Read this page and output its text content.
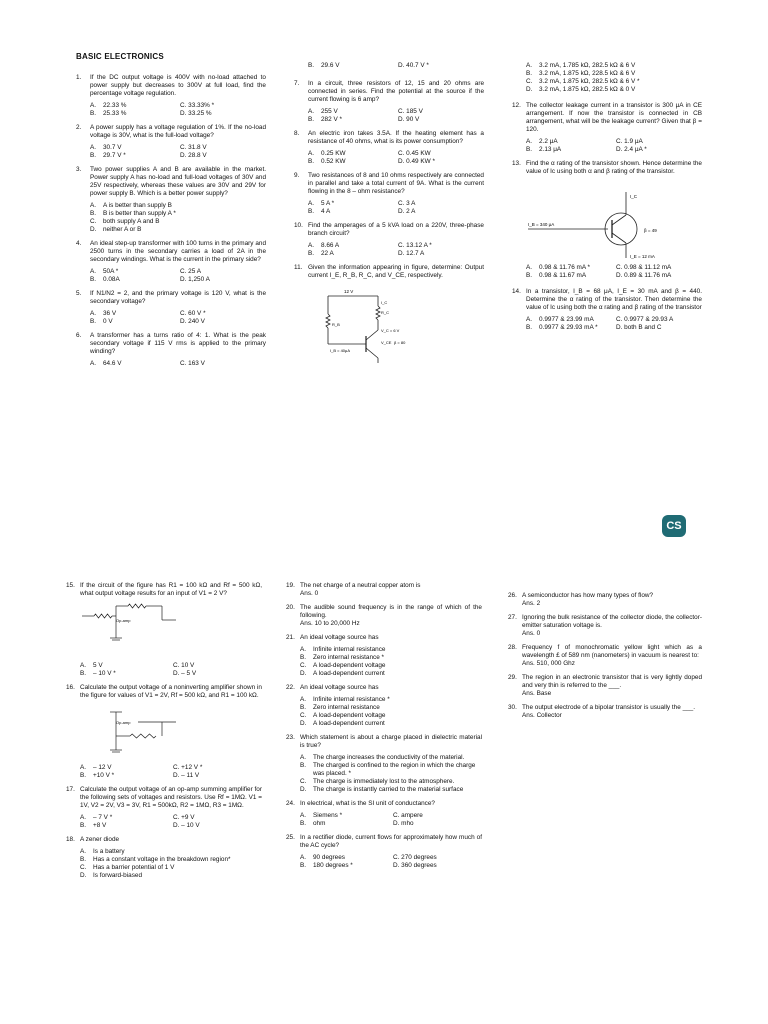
BASIC ELECTRONICS
1. If the DC output voltage is 400V with no-load attached to power supply but decreases to 300V at full load, find the percentage voltage regulation.
A.	22.33 %	C. 33.33% *
B.	25.33 %	D. 33.25 %
2. A power supply has a voltage regulation of 1%. If the no-load voltage is 30V, what is the full-load voltage?
A.	30.7 V	C. 31.8 V
B.	29.7 V *	D. 28.8 V
3. Two power supplies A and B are available in the market. Power supply A has no-load and full-load voltages of 30V and 25V respectively, whereas these values are 30V and 29V for power supply B. Which is a better power supply?
A.	A is better than supply B
B.	B is better than supply A *
C.	both supply A and B
D.	neither A or B
4. An ideal step-up transformer with 100 turns in the primary and 2500 turns in the secondary carries a load of 2A in the secondary windings. What is the current in the primary side?
A.	50A *	C. 25 A
B.	0.08A	D. 1,250 A
5. If N1/N2 = 2, and the primary voltage is 120 V, what is the secondary voltage?
A.	36 V	C. 60 V *
B.	0 V	D. 240 V
6. A transformer has a turns ratio of 4: 1. What is the peak secondary voltage if 115 V rms is applied to the primary winding?
A.	64.6 V	C. 163 V
B.	29.6 V	D. 40.7 V *
7. In a circuit, three resistors of 12, 15 and 20 ohms are connected in series. Find the potential at the source if the current flowing is 6 amp?
A.	255 V	C. 185 V
B.	282 V *	D. 90 V
8. An electric iron takes 3.5A. If the heating element has a resistance of 40 ohms, what is its power consumption?
A.	0.25 KW	C. 0.45 KW
B.	0.52 KW	D. 0.49 KW *
9. Two resistances of 8 and 10 ohms respectively are connected in parallel and take a total current of 9A. What is the current flowing in the 8 – ohm resistance?
A.	5 A *	C. 3 A
B.	4 A	D. 2 A
10. Find the amperages of a 5 kVA load on a 220V, three-phase branch circuit?
A.	8.66 A	C. 13.12 A *
B.	22 A	D. 12.7 A
11. Given the information appearing in figure, determine: Output current I_E, R_B, R_C, and V_CE, respectively.
12 V
R_B
I_C
R_C
V_C = 6 V
V_CE β = 80
I_B = 40μA
A.	3.2 mA, 1.785 kΩ, 282.5 kΩ & 6 V
B.	3.2 mA, 1.875 kΩ, 228.5 kΩ & 6 V
C.	3.2 mA, 1.875 kΩ, 282.5 kΩ & 6 V *
D.	3.2 mA, 1.875 kΩ, 282.5 kΩ & 0 V
12. The collector leakage current in a transistor is 300 μA in CE arrangement. If now the transistor is connected in CB arrangement, what will be the leakage current? Given that β = 120.
A.	2.2 μA	C. 1.9 μA
B.	2.13 μA	D. 2.4 μA *
13. Find the α rating of the transistor shown. Hence determine the value of Ic using both α and β rating of the transistor.
I_B = 340 μA
I_C
β = 49
I_E = 12 mA
A.	0.98 & 11.76 mA *	C. 0.98 & 11.12 mA
B.	0.98 & 11.67 mA	D. 0.89 & 11.76 mA
14. In a transistor, I_B = 68 μA, I_E = 30 mA and β = 440. Determine the α rating of the transistor. Then determine the value of Ic using both the α rating and β rating of the transistor
A.	0.9977 & 23.99 mA	C. 0.9977 & 29.93 A
B.	0.9977 & 29.93 mA *	D. both B and C
CS
15. If the circuit of the figure has R1 = 100 kΩ and Rf = 500 kΩ, what output voltage results for an input of V1 = 2 V?
Op-amp
A.	5 V	C. 10 V
B.	– 10 V *	D. – 5 V
16. Calculate the output voltage of a noninverting amplifier shown in the figure for values of V1 = 2V, Rf = 500 kΩ, and R1 = 100 kΩ.
Op-amp
A.	– 12 V	C. +12 V *
B.	+10 V *	D. – 11 V
17. Calculate the output voltage of an op-amp summing amplifier for the following sets of voltages and resistors. Use Rf = 1MΩ. V1 = 1V, V2 = 2V, V3 = 3V, R1 = 500kΩ, R2 = 1MΩ, R3 = 1MΩ.
A.	– 7 V *	C. +9 V
B.	+8 V	D. – 10 V
18. A zener diode
A.	Is a battery
B.	Has a constant voltage in the breakdown region*
C.	Has a barrier potential of 1 V
D.	Is forward-biased
19. The net charge of a neutral copper atom is
Ans. 0
20. The audible sound frequency is in the range of which of the following.
Ans. 10 to 20,000 Hz
21. An ideal voltage source has
A.	Infinite internal resistance
B.	Zero internal resistance *
C.	A load-dependent voltage
D.	A load-dependent current
22. An ideal voltage source has
A.	Infinite internal resistance *
B.	Zero internal resistance
C.	A load-dependent voltage
D.	A load-dependent current
23. Which statement is about a charge placed in dielectric material is true?
A.	The charge increases the conductivity of the material.
B.	The charged is confined to the region in which the charge was placed. *
C.	The charge is immediately lost to the atmosphere.
D.	The charge is instantly carried to the material surface
24. In electrical, what is the SI unit of conductance?
A.	Siemens *	C. ampere
B.	ohm	D. mho
25. In a rectifier diode, current flows for approximately how much of the AC cycle?
A.	90 degrees	C. 270 degrees
B.	180 degrees *	D. 360 degrees
26. A semiconductor has how many types of flow?
Ans. 2
27. Ignoring the bulk resistance of the collector diode, the collector-emitter saturation voltage is.
Ans. 0
28. Frequency f of monochromatic yellow light which as a wavelength £ of 589 nm (nanometers) in vacuum is nearest to:
Ans. 510, 000 Ghz
29. The region in an electronic transistor that is very lightly doped and very thin is referred to the ___.
Ans. Base
30. The output electrode of a bipolar transistor is usually the ___.
Ans. Collector
